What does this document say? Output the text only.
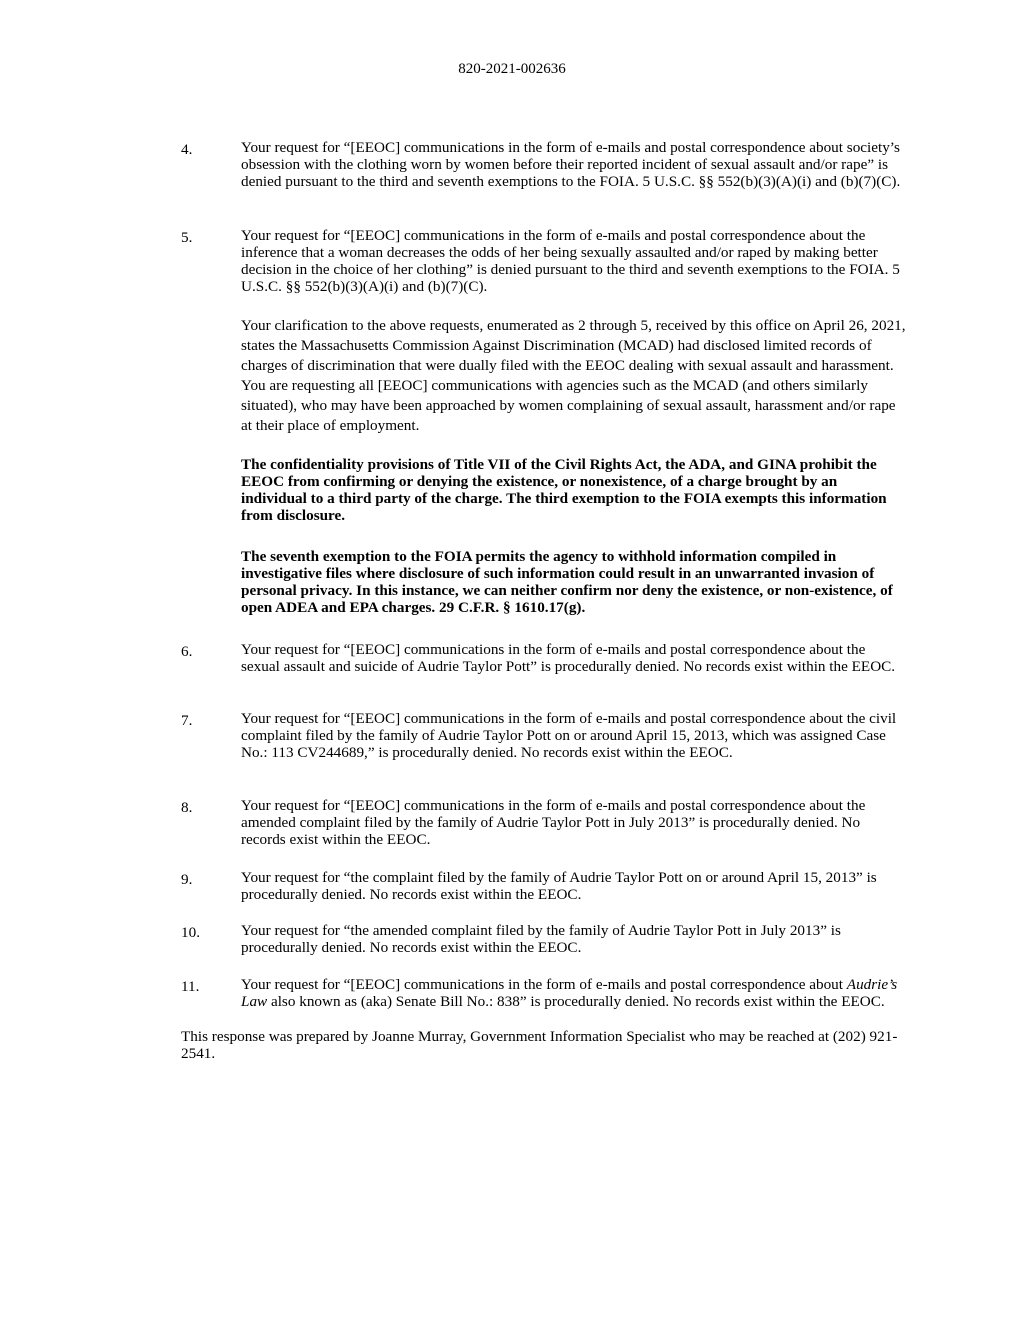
820-2021-002636
4.	Your request for “[EEOC] communications in the form of e-mails and postal correspondence about society’s obsession with the clothing worn by women before their reported incident of sexual assault and/or rape” is denied pursuant to the third and seventh exemptions to the FOIA. 5 U.S.C. §§ 552(b)(3)(A)(i) and (b)(7)(C).
5.	Your request for “[EEOC] communications in the form of e-mails and postal correspondence about the inference that a woman decreases the odds of her being sexually assaulted and/or raped by making better decision in the choice of her clothing” is denied pursuant to the third and seventh exemptions to the FOIA. 5 U.S.C. §§ 552(b)(3)(A)(i) and (b)(7)(C).
Your clarification to the above requests, enumerated as 2 through 5, received by this office on April 26, 2021, states the Massachusetts Commission Against Discrimination (MCAD) had disclosed limited records of charges of discrimination that were dually filed with the EEOC dealing with sexual assault and harassment. You are requesting all [EEOC] communications with agencies such as the MCAD (and others similarly situated), who may have been approached by women complaining of sexual assault, harassment and/or rape at their place of employment.
The confidentiality provisions of Title VII of the Civil Rights Act, the ADA, and GINA prohibit the EEOC from confirming or denying the existence, or nonexistence, of a charge brought by an individual to a third party of the charge. The third exemption to the FOIA exempts this information from disclosure.
The seventh exemption to the FOIA permits the agency to withhold information compiled in investigative files where disclosure of such information could result in an unwarranted invasion of personal privacy. In this instance, we can neither confirm nor deny the existence, or non-existence, of open ADEA and EPA charges. 29 C.F.R. § 1610.17(g).
6.	Your request for “[EEOC] communications in the form of e-mails and postal correspondence about the sexual assault and suicide of Audrie Taylor Pott” is procedurally denied. No records exist within the EEOC.
7.	Your request for “[EEOC] communications in the form of e-mails and postal correspondence about the civil complaint filed by the family of Audrie Taylor Pott on or around April 15, 2013, which was assigned Case No.: 113 CV244689,” is procedurally denied. No records exist within the EEOC.
8.	Your request for “[EEOC] communications in the form of e-mails and postal correspondence about the amended complaint filed by the family of Audrie Taylor Pott in July 2013” is procedurally denied. No records exist within the EEOC.
9.	Your request for “the complaint filed by the family of Audrie Taylor Pott on or around April 15, 2013” is procedurally denied. No records exist within the EEOC.
10.	Your request for “the amended complaint filed by the family of Audrie Taylor Pott in July 2013” is procedurally denied. No records exist within the EEOC.
11.	Your request for “[EEOC] communications in the form of e-mails and postal correspondence about Audrie’s Law also known as (aka) Senate Bill No.: 838” is procedurally denied. No records exist within the EEOC.
This response was prepared by Joanne Murray, Government Information Specialist who may be reached at (202) 921-2541.
